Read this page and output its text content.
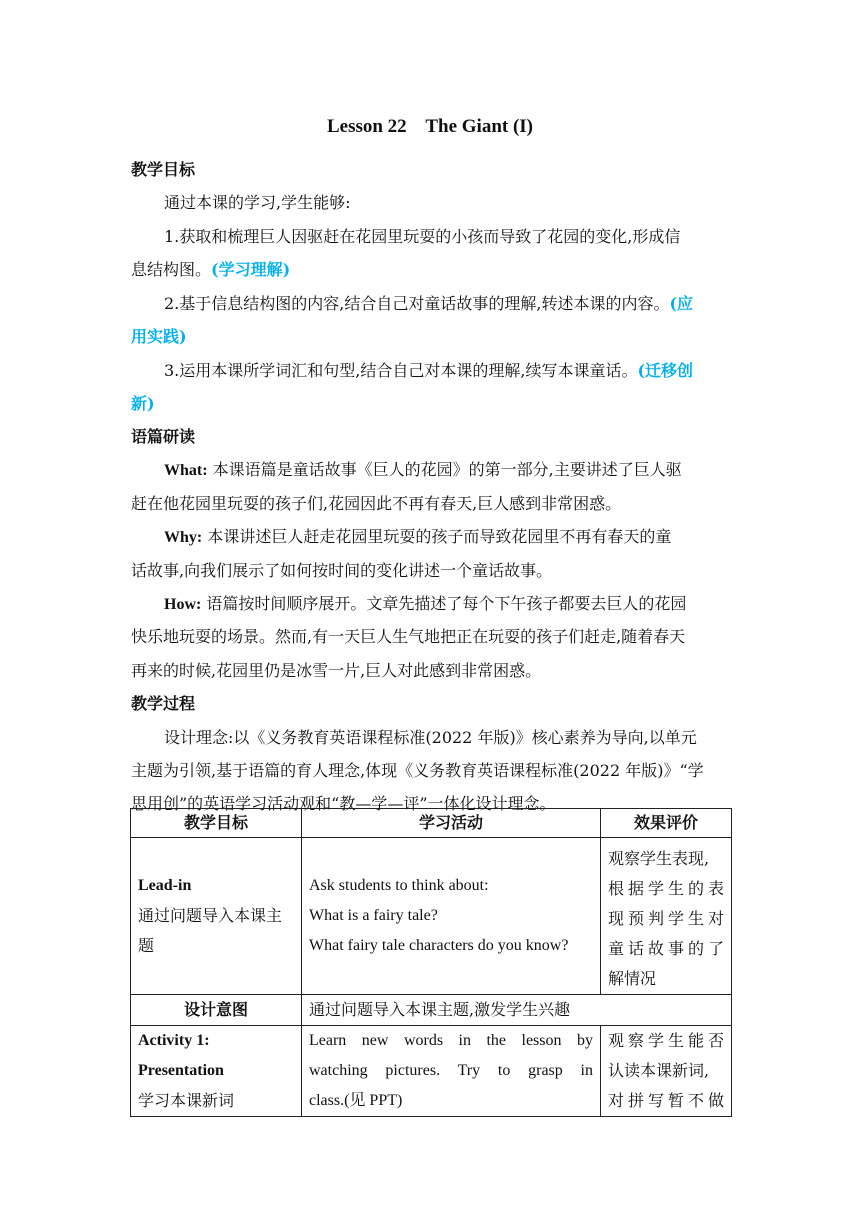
Lesson 22    The Giant (I)
教学目标
通过本课的学习,学生能够:
1.获取和梳理巨人因驱赶在花园里玩耍的小孩而导致了花园的变化,形成信
息结构图。(学习理解)
2.基于信息结构图的内容,结合自己对童话故事的理解,转述本课的内容。(应
用实践)
3.运用本课所学词汇和句型,结合自己对本课的理解,续写本课童话。(迁移创
新)
语篇研读
What: 本课语篇是童话故事《巨人的花园》的第一部分,主要讲述了巨人驱
赶在他花园里玩耍的孩子们,花园因此不再有春天,巨人感到非常困惑。
Why: 本课讲述巨人赶走花园里玩耍的孩子而导致花园里不再有春天的童
话故事,向我们展示了如何按时间的变化讲述一个童话故事。
How: 语篇按时间顺序展开。文章先描述了每个下午孩子都要去巨人的花园
快乐地玩耍的场景。然而,有一天巨人生气地把正在玩耍的孩子们赶走,随着春天
再来的时候,花园里仍是冰雪一片,巨人对此感到非常困惑。
教学过程
设计理念:以《义务教育英语课程标准(2022 年版)》核心素养为导向,以单元
主题为引领,基于语篇的育人理念,体现《义务教育英语课程标准(2022 年版)》“学
思用创”的英语学习活动观和“教—学—评”一体化设计理念。
教学目标	学习活动	效果评价

Lead-in
通过问题导入本课主
题	Ask students to think about:
What is a fairy tale?
What fairy tale characters do you know?	观察学生表现,
根据学生的表
现预判学生对
童话故事的了
解情况

设计意图	通过问题导入本课主题,激发学生兴趣	

Activity 1:
Presentation
学习本课新词	Learn new words in the lesson by
watching pictures. Try to grasp in
class.(见 PPT)	观察学生能否
认读本课新词,
对拼写暂不做
